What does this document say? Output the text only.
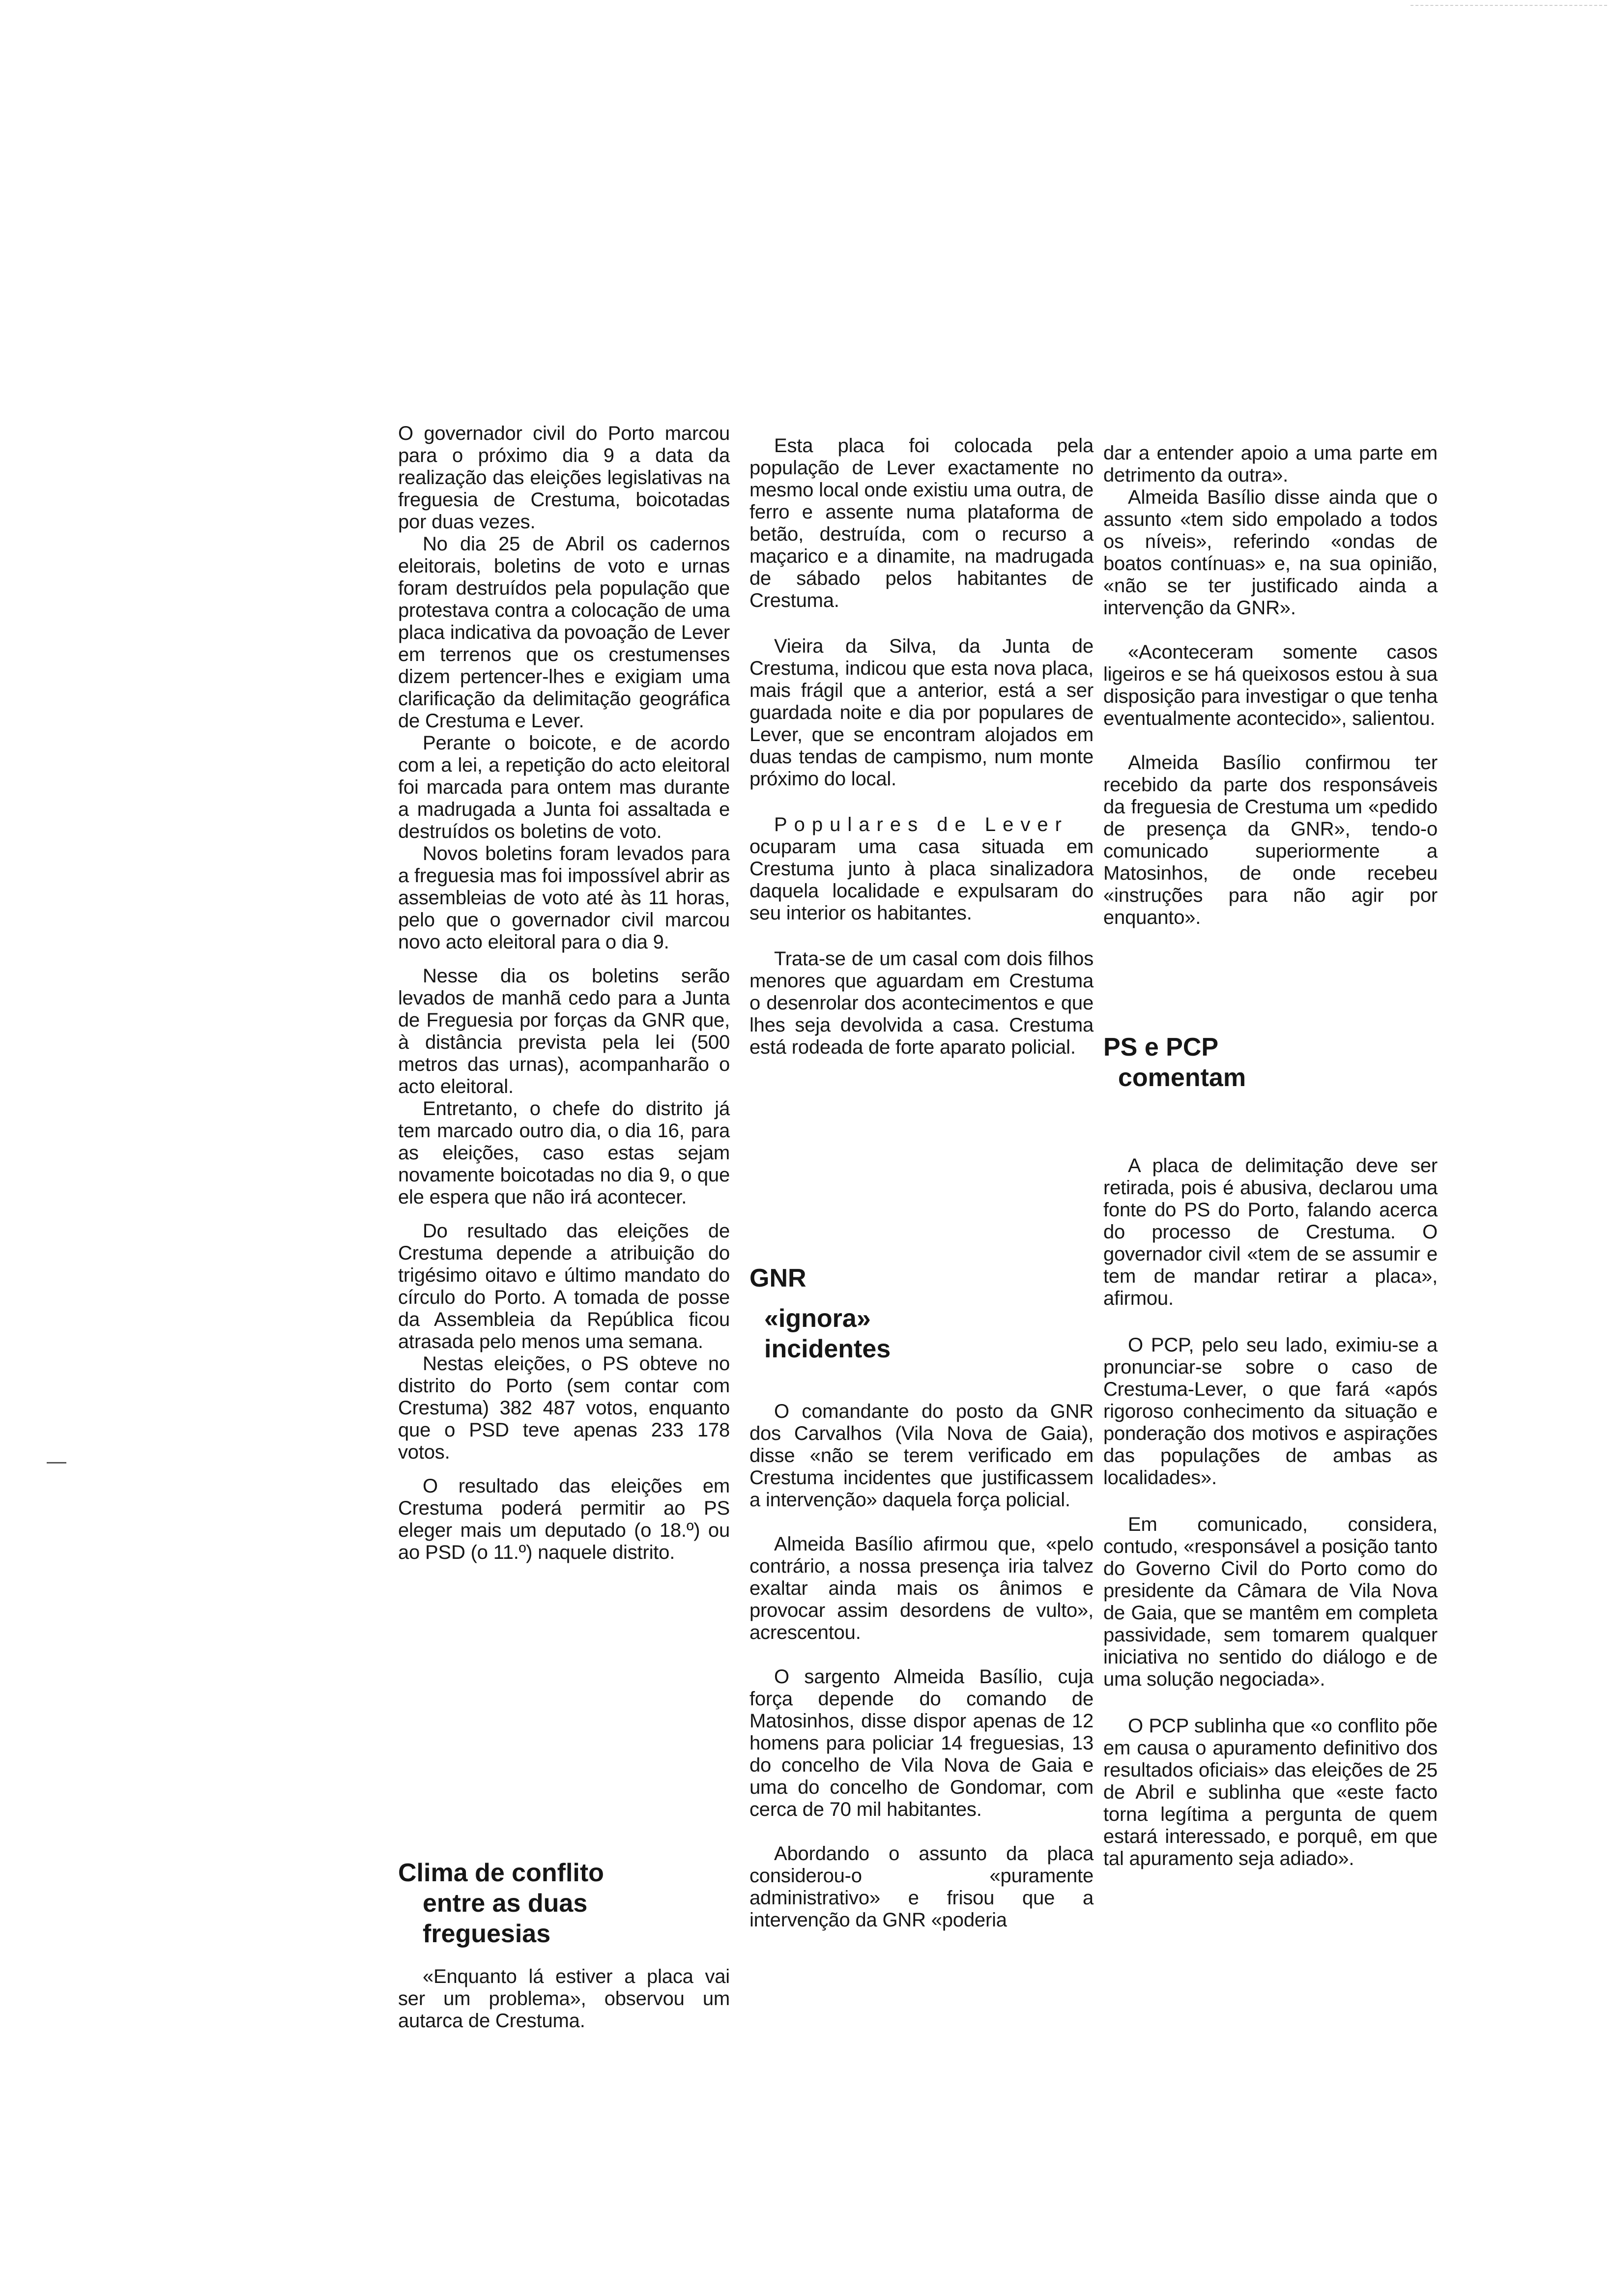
O governador civil do Porto marcou para o próximo dia 9 a data da realização das eleições legislativas na freguesia de Crestuma, boicotadas por duas vezes.

No dia 25 de Abril os cadernos eleitorais, boletins de voto e urnas foram destruídos pela população que protestava contra a colocação de uma placa indicativa da povoação de Lever em terrenos que os crestumenses dizem pertencer-lhes e exigiam uma clarificação da delimitação geográfica de Crestuma e Lever.

Perante o boicote, e de acordo com a lei, a repetição do acto eleitoral foi marcada para ontem mas durante a madrugada a Junta foi assaltada e destruídos os boletins de voto.

Novos boletins foram levados para a freguesia mas foi impossível abrir as assembleias de voto até às 11 horas, pelo que o governador civil marcou novo acto eleitoral para o dia 9.

Nesse dia os boletins serão levados de manhã cedo para a Junta de Freguesia por forças da GNR que, à distância prevista pela lei (500 metros das urnas), acompanharão o acto eleitoral.

Entretanto, o chefe do distrito já tem marcado outro dia, o dia 16, para as eleições, caso estas sejam novamente boicotadas no dia 9, o que ele espera que não irá acontecer.

Do resultado das eleições de Crestuma depende a atribuição do trigésimo oitavo e último mandato do círculo do Porto. A tomada de posse da Assembleia da República ficou atrasada pelo menos uma semana.

Nestas eleições, o PS obteve no distrito do Porto (sem contar com Crestuma) 382 487 votos, enquanto que o PSD teve apenas 233 178 votos.

O resultado das eleições em Crestuma poderá permitir ao PS eleger mais um deputado (o 18.º) ou ao PSD (o 11.º) naquele distrito.

Clima de conflito
entre as duas
freguesias

«Enquanto lá estiver a placa vai ser um problema», observou um autarca de Crestuma.

Esta placa foi colocada pela população de Lever exactamente no mesmo local onde existiu uma outra, de ferro e assente numa plataforma de betão, destruída, com o recurso a maçarico e a dinamite, na madrugada de sábado pelos habitantes de Crestuma.

Vieira da Silva, da Junta de Crestuma, indicou que esta nova placa, mais frágil que a anterior, está a ser guardada noite e dia por populares de Lever, que se encontram alojados em duas tendas de campismo, num monte próximo do local.

Populares de Lever

ocuparam uma casa situada em Crestuma junto à placa sinalizadora daquela localidade e expulsaram do seu interior os habitantes.

Trata-se de um casal com dois filhos menores que aguardam em Crestuma o desenrolar dos acontecimentos e que lhes seja devolvida a casa. Crestuma está rodeada de forte aparato policial.

GNR
«ignora»
incidentes

O comandante do posto da GNR dos Carvalhos (Vila Nova de Gaia), disse «não se terem verificado em Crestuma incidentes que justificassem a intervenção» daquela força policial.

Almeida Basílio afirmou que, «pelo contrário, a nossa presença iria talvez exaltar ainda mais os ânimos e provocar assim desordens de vulto», acrescentou.

O sargento Almeida Basílio, cuja força depende do comando de Matosinhos, disse dispor apenas de 12 homens para policiar 14 freguesias, 13 do concelho de Vila Nova de Gaia e uma do concelho de Gondomar, com cerca de 70 mil habitantes.

Abordando o assunto da placa considerou-o «puramente administrativo» e frisou que a intervenção da GNR «poderia

dar a entender apoio a uma parte em detrimento da outra».

Almeida Basílio disse ainda que o assunto «tem sido empolado a todos os níveis», referindo «ondas de boatos contínuas» e, na sua opinião, «não se ter justificado ainda a intervenção da GNR».

«Aconteceram somente casos ligeiros e se há queixosos estou à sua disposição para investigar o que tenha eventualmente acontecido», salientou.

Almeida Basílio confirmou ter recebido da parte dos responsáveis da freguesia de Crestuma um «pedido de presença da GNR», tendo-o comunicado superiormente a Matosinhos, de onde recebeu «instruções para não agir por enquanto».

PS e PCP
comentam

A placa de delimitação deve ser retirada, pois é abusiva, declarou uma fonte do PS do Porto, falando acerca do processo de Crestuma. O governador civil «tem de se assumir e tem de mandar retirar a placa», afirmou.

O PCP, pelo seu lado, eximiu-se a pronunciar-se sobre o caso de Crestuma-Lever, o que fará «após rigoroso conhecimento da situação e ponderação dos motivos e aspirações das populações de ambas as localidades».

Em comunicado, considera, contudo, «responsável a posição tanto do Governo Civil do Porto como do presidente da Câmara de Vila Nova de Gaia, que se mantêm em completa passividade, sem tomarem qualquer iniciativa no sentido do diálogo e de uma solução negociada».

O PCP sublinha que «o conflito põe em causa o apuramento definitivo dos resultados oficiais» das eleições de 25 de Abril e sublinha que «este facto torna legítima a pergunta de quem estará interessado, e porquê, em que tal apuramento seja adiado».
